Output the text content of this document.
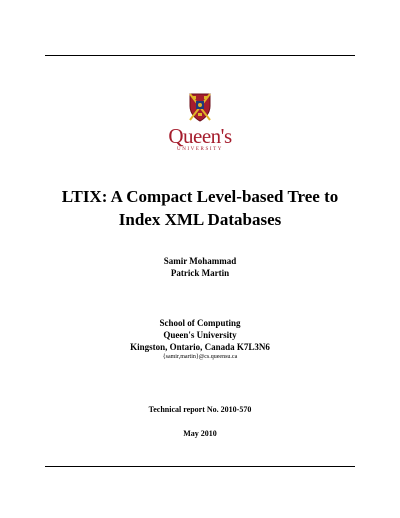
Queen's
UNIVERSITY
LTIX: A Compact Level-based Tree to
Index XML Databases
Samir Mohammad
Patrick Martin
School of Computing
Queen's University
Kingston, Ontario, Canada K7L3N6
{samir,martin}@cs.queensu.ca
Technical report No. 2010-570
May 2010
